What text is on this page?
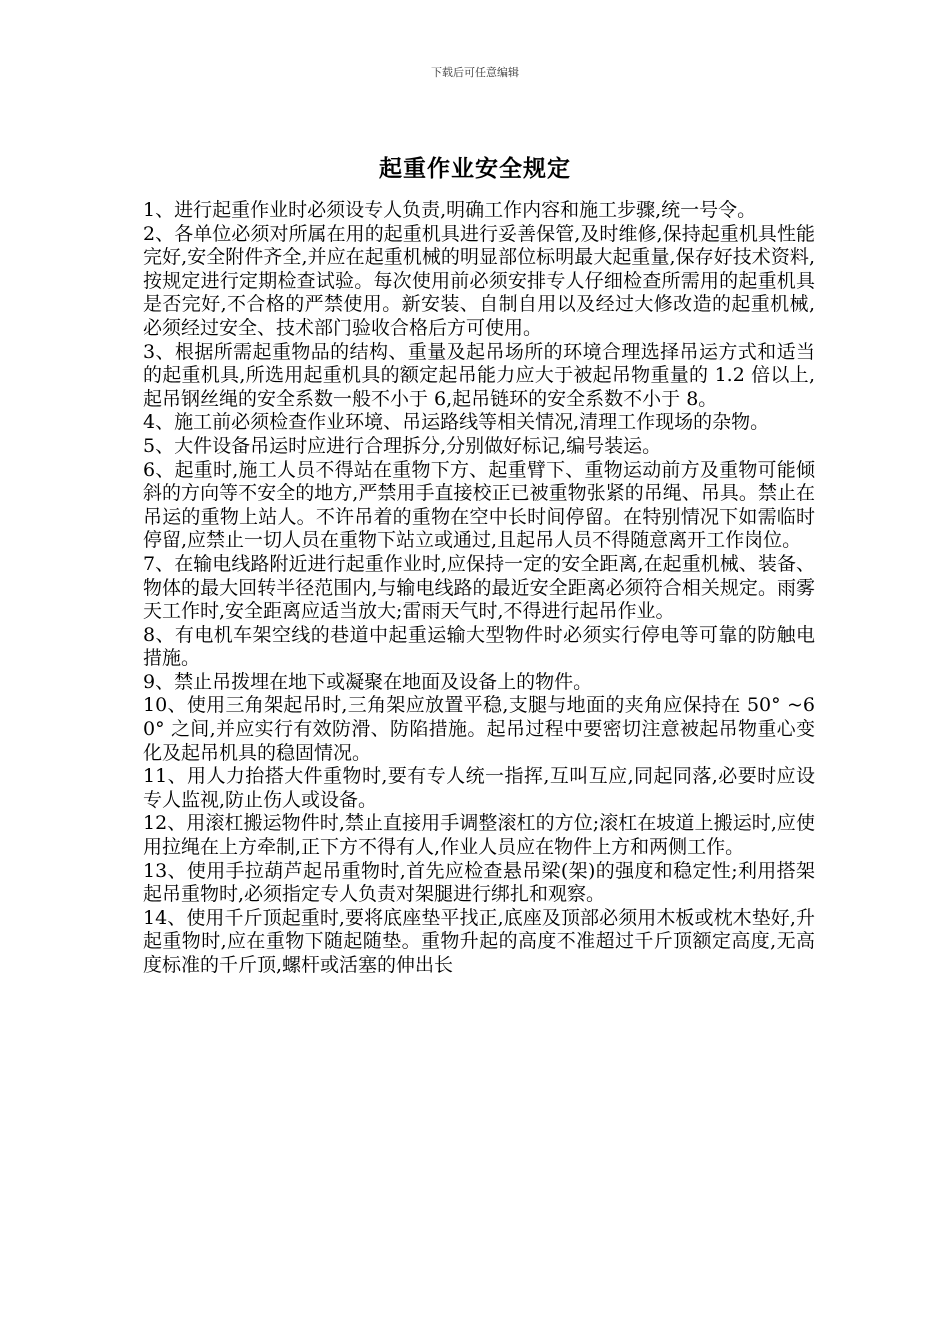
下载后可任意编辑
起重作业安全规定

1、进行起重作业时必须设专人负责,明确工作内容和施工步骤,统一号令。

2、各单位必须对所属在用的起重机具进行妥善保管,及时维修,保持起重机具性能完好,安全附件齐全,并应在起重机械的明显部位标明最大起重量,保存好技术资料,按规定进行定期检查试验。每次使用前必须安排专人仔细检查所需用的起重机具是否完好,不合格的严禁使用。新安装、自制自用以及经过大修改造的起重机械,必须经过安全、技术部门验收合格后方可使用。

3、根据所需起重物品的结构、重量及起吊场所的环境合理选择吊运方式和适当的起重机具,所选用起重机具的额定起吊能力应大于被起吊物重量的 1.2 倍以上,起吊钢丝绳的安全系数一般不小于 6,起吊链环的安全系数不小于 8。

4、施工前必须检查作业环境、吊运路线等相关情况,清理工作现场的杂物。

5、大件设备吊运时应进行合理拆分,分别做好标记,编号装运。

6、起重时,施工人员不得站在重物下方、起重臂下、重物运动前方及重物可能倾斜的方向等不安全的地方,严禁用手直接校正已被重物张紧的吊绳、吊具。禁止在吊运的重物上站人。不许吊着的重物在空中长时间停留。在特别情况下如需临时停留,应禁止一切人员在重物下站立或通过,且起吊人员不得随意离开工作岗位。

7、在输电线路附近进行起重作业时,应保持一定的安全距离,在起重机械、装备、物体的最大回转半径范围内,与输电线路的最近安全距离必须符合相关规定。雨雾天工作时,安全距离应适当放大;雷雨天气时,不得进行起吊作业。

8、有电机车架空线的巷道中起重运输大型物件时必须实行停电等可靠的防触电措施。

9、禁止吊拨埋在地下或凝聚在地面及设备上的物件。

10、使用三角架起吊时,三角架应放置平稳,支腿与地面的夹角应保持在 50° ~60° 之间,并应实行有效防滑、防陷措施。起吊过程中要密切注意被起吊物重心变化及起吊机具的稳固情况。

11、用人力抬搭大件重物时,要有专人统一指挥,互叫互应,同起同落,必要时应设专人监视,防止伤人或设备。

12、用滚杠搬运物件时,禁止直接用手调整滚杠的方位;滚杠在坡道上搬运时,应使用拉绳在上方牵制,正下方不得有人,作业人员应在物件上方和两侧工作。

13、使用手拉葫芦起吊重物时,首先应检查悬吊梁(架)的强度和稳定性;利用搭架起吊重物时,必须指定专人负责对架腿进行绑扎和观察。

14、使用千斤顶起重时,要将底座垫平找正,底座及顶部必须用木板或枕木垫好,升起重物时,应在重物下随起随垫。重物升起的高度不准超过千斤顶额定高度,无高度标准的千斤顶,螺杆或活塞的伸出长
